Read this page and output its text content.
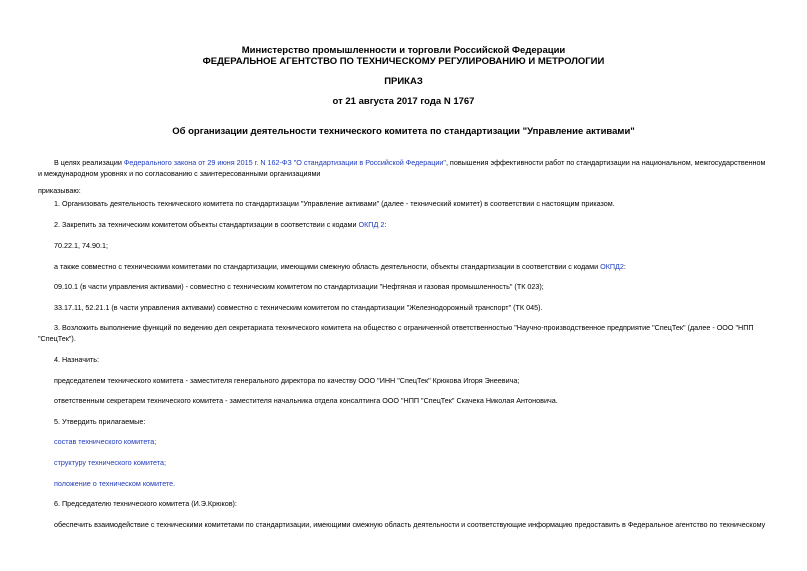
Министерство промышленности и торговли Российской Федерации
ФЕДЕРАЛЬНОЕ АГЕНТСТВО ПО ТЕХНИЧЕСКОМУ РЕГУЛИРОВАНИЮ И МЕТРОЛОГИИ
ПРИКАЗ
от 21 августа 2017 года N 1767
Об организации деятельности технического комитета по стандартизации "Управление активами"
В целях реализации Федерального закона от 29 июня 2015 г. N 162-ФЗ "О стандартизации в Российской Федерации", повышения эффективности работ по стандартизации на национальном, межгосударственном и международном уровнях и по согласованию с заинтересованными организациями
приказываю:
1. Организовать деятельность технического комитета по стандартизации "Управление активами" (далее - технический комитет) в соответствии с настоящим приказом.
2. Закрепить за техническим комитетом объекты стандартизации в соответствии с кодами ОКПД 2:
70.22.1, 74.90.1;
а также совместно с техническими комитетами по стандартизации, имеющими смежную область деятельности, объекты стандартизации в соответствии с кодами ОКПД2:
09.10.1 (в части управления активами) - совместно с техническим комитетом по стандартизации "Нефтяная и газовая промышленность" (ТК 023);
33.17.11, 52.21.1 (в части управления активами) совместно с техническим комитетом по стандартизации "Железнодорожный транспорт" (ТК 045).
3. Возложить выполнение функций по ведению дел секретариата технического комитета на общество с ограниченной ответственностью "Научно-производственное предприятие "СпецТек" (далее - ООО "НПП "СпецТек").
4. Назначить:
председателем технического комитета - заместителя генерального директора по качеству ООО "ИНН "СпецТек" Крюкова Игоря Энеевича;
ответственным секретарем технического комитета - заместителя начальника отдела консалтинга ООО "НПП "СпецТек" Скачека Николая Антоновича.
5. Утвердить прилагаемые:
состав технического комитета;
структуру технического комитета;
положение о техническом комитете.
6. Председателю технического комитета (И.Э.Крюков):
обеспечить взаимодействие с техническими комитетами по стандартизации, имеющими смежную область деятельности и соответствующие информацию предоставить в Федеральное агентство по техническому
